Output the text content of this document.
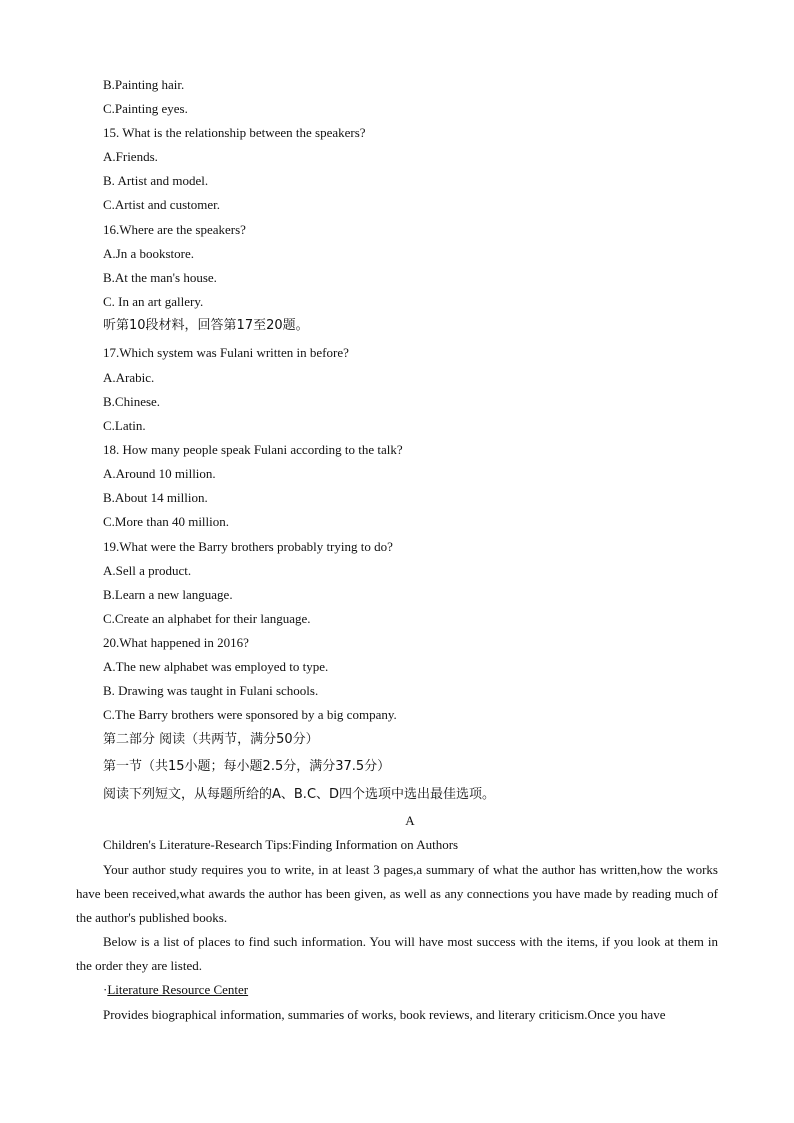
B.Painting hair.
C.Painting eyes.
15. What is the relationship between the speakers?
A.Friends.
B. Artist and model.
C.Artist and customer.
16.Where are the speakers?
A.Jn a bookstore.
B.At the man's house.
C. In an art gallery.
听第10段材料，回答第17至20题。
17.Which system was Fulani written in before?
A.Arabic.
B.Chinese.
C.Latin.
18. How many people speak Fulani according to the talk?
A.Around 10 million.
B.About 14 million.
C.More than 40 million.
19.What were the Barry brothers probably trying to do?
A.Sell a product.
B.Learn a new language.
C.Create an alphabet for their language.
20.What happened in 2016?
A.The new alphabet was employed to type.
B. Drawing was taught in Fulani schools.
C.The Barry brothers were sponsored by a big company.
第二部分 阅读（共两节，满分50分）
第一节（共15小题；每小题2.5分，满分37.5分）
阅读下列短文，从每题所给的A、B.C、D四个选项中选出最佳选项。
A
Children's Literature-Research Tips:Finding Information on Authors
Your author study requires you to write, in at least 3 pages,a summary of what the author has written,how the works have been received,what awards the author has been given, as well as any connections you have made by reading much of the author's published books.
Below is a list of places to find such information. You will have most success with the items, if you look at them in the order they are listed.
·Literature Resource Center
Provides biographical information, summaries of works, book reviews, and literary criticism.Once you have
